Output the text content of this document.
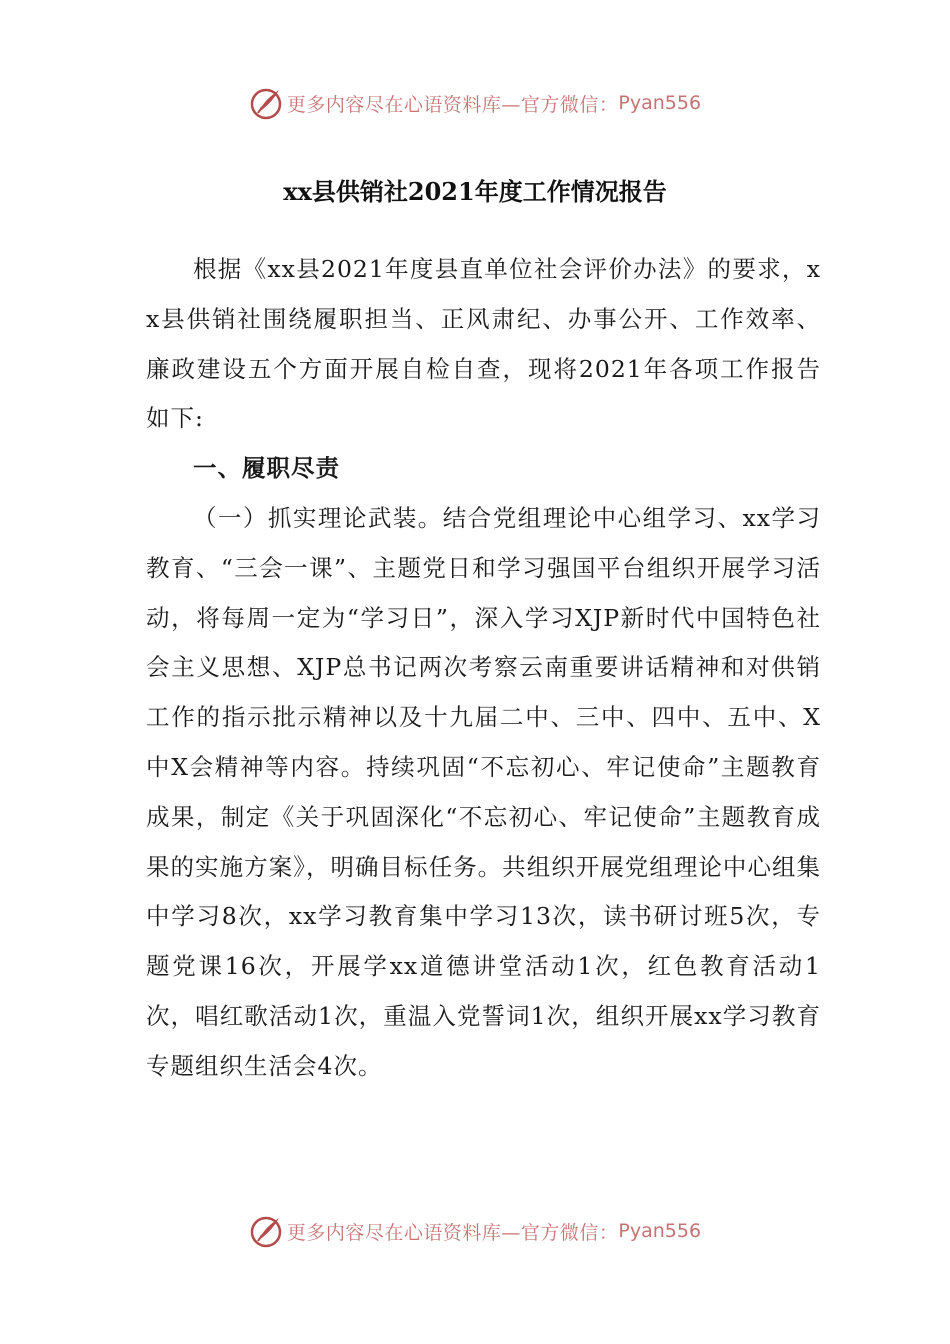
更多内容尽在心语资料库—官方微信： Pyan556
xx县供销社2021年度工作情况报告

根据《xx县2021年度县直单位社会评价办法》的要求，xx县供销社围绕履职担当、正风肃纪、办事公开、工作效率、廉政建设五个方面开展自检自查，现将2021年各项工作报告如下:

一、履职尽责

（一）抓实理论武装。结合党组理论中心组学习、xx学习教育、“三会一课”、主题党日和学习强国平台组织开展学习活动，将每周一定为“学习日”，深入学习XJP新时代中国特色社会主义思想、XJP总书记两次考察云南重要讲话精神和对供销工作的指示批示精神以及十九届二中、三中、四中、五中、X中X会精神等内容。持续巩固“不忘初心、牢记使命”主题教育成果，制定《关于巩固深化“不忘初心、牢记使命”主题教育成果的实施方案》，明确目标任务。共组织开展党组理论中心组集中学习8次，xx学习教育集中学习13次，读书研讨班5次，专题党课16次，开展学xx道德讲堂活动1次，红色教育活动1次，唱红歌活动1次，重温入党誓词1次，组织开展xx学习教育专题组织生活会4次。

更多内容尽在心语资料库—官方微信： Pyan556
